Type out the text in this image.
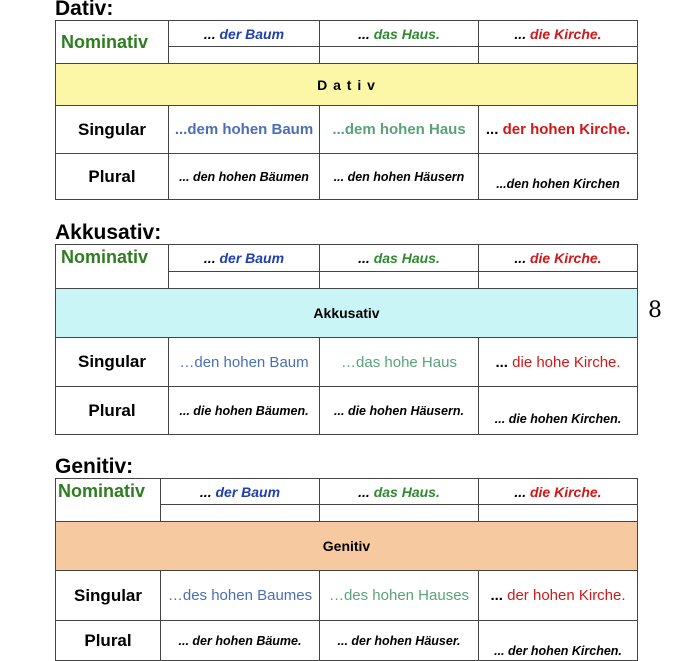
Dativ:
Nominativ	... der Baum	... das Haus.	... die Kirche.

D a t i v			
Singular	...dem hohen Baum	...dem hohen Haus	... der hohen Kirche.
Plural	... den hohen Bäumen	... den hohen Häusern	...den hohen Kirchen
Akkusativ:
Nominativ	... der Baum	... das Haus.	... die Kirche.

Akkusativ			
Singular	…den hohen Baum	…das hohe Haus	... die hohe Kirche.
Plural	... die hohen Bäumen.	... die hohen Häusern.	... die hohen Kirchen.
8
Genitiv:
Nominativ	... der Baum	... das Haus.	... die Kirche.

Genitiv			
Singular	…des hohen Baumes	…des hohen Hauses	... der hohen Kirche.
Plural	... der hohen Bäume.	... der hohen Häuser.	... der hohen Kirchen.
